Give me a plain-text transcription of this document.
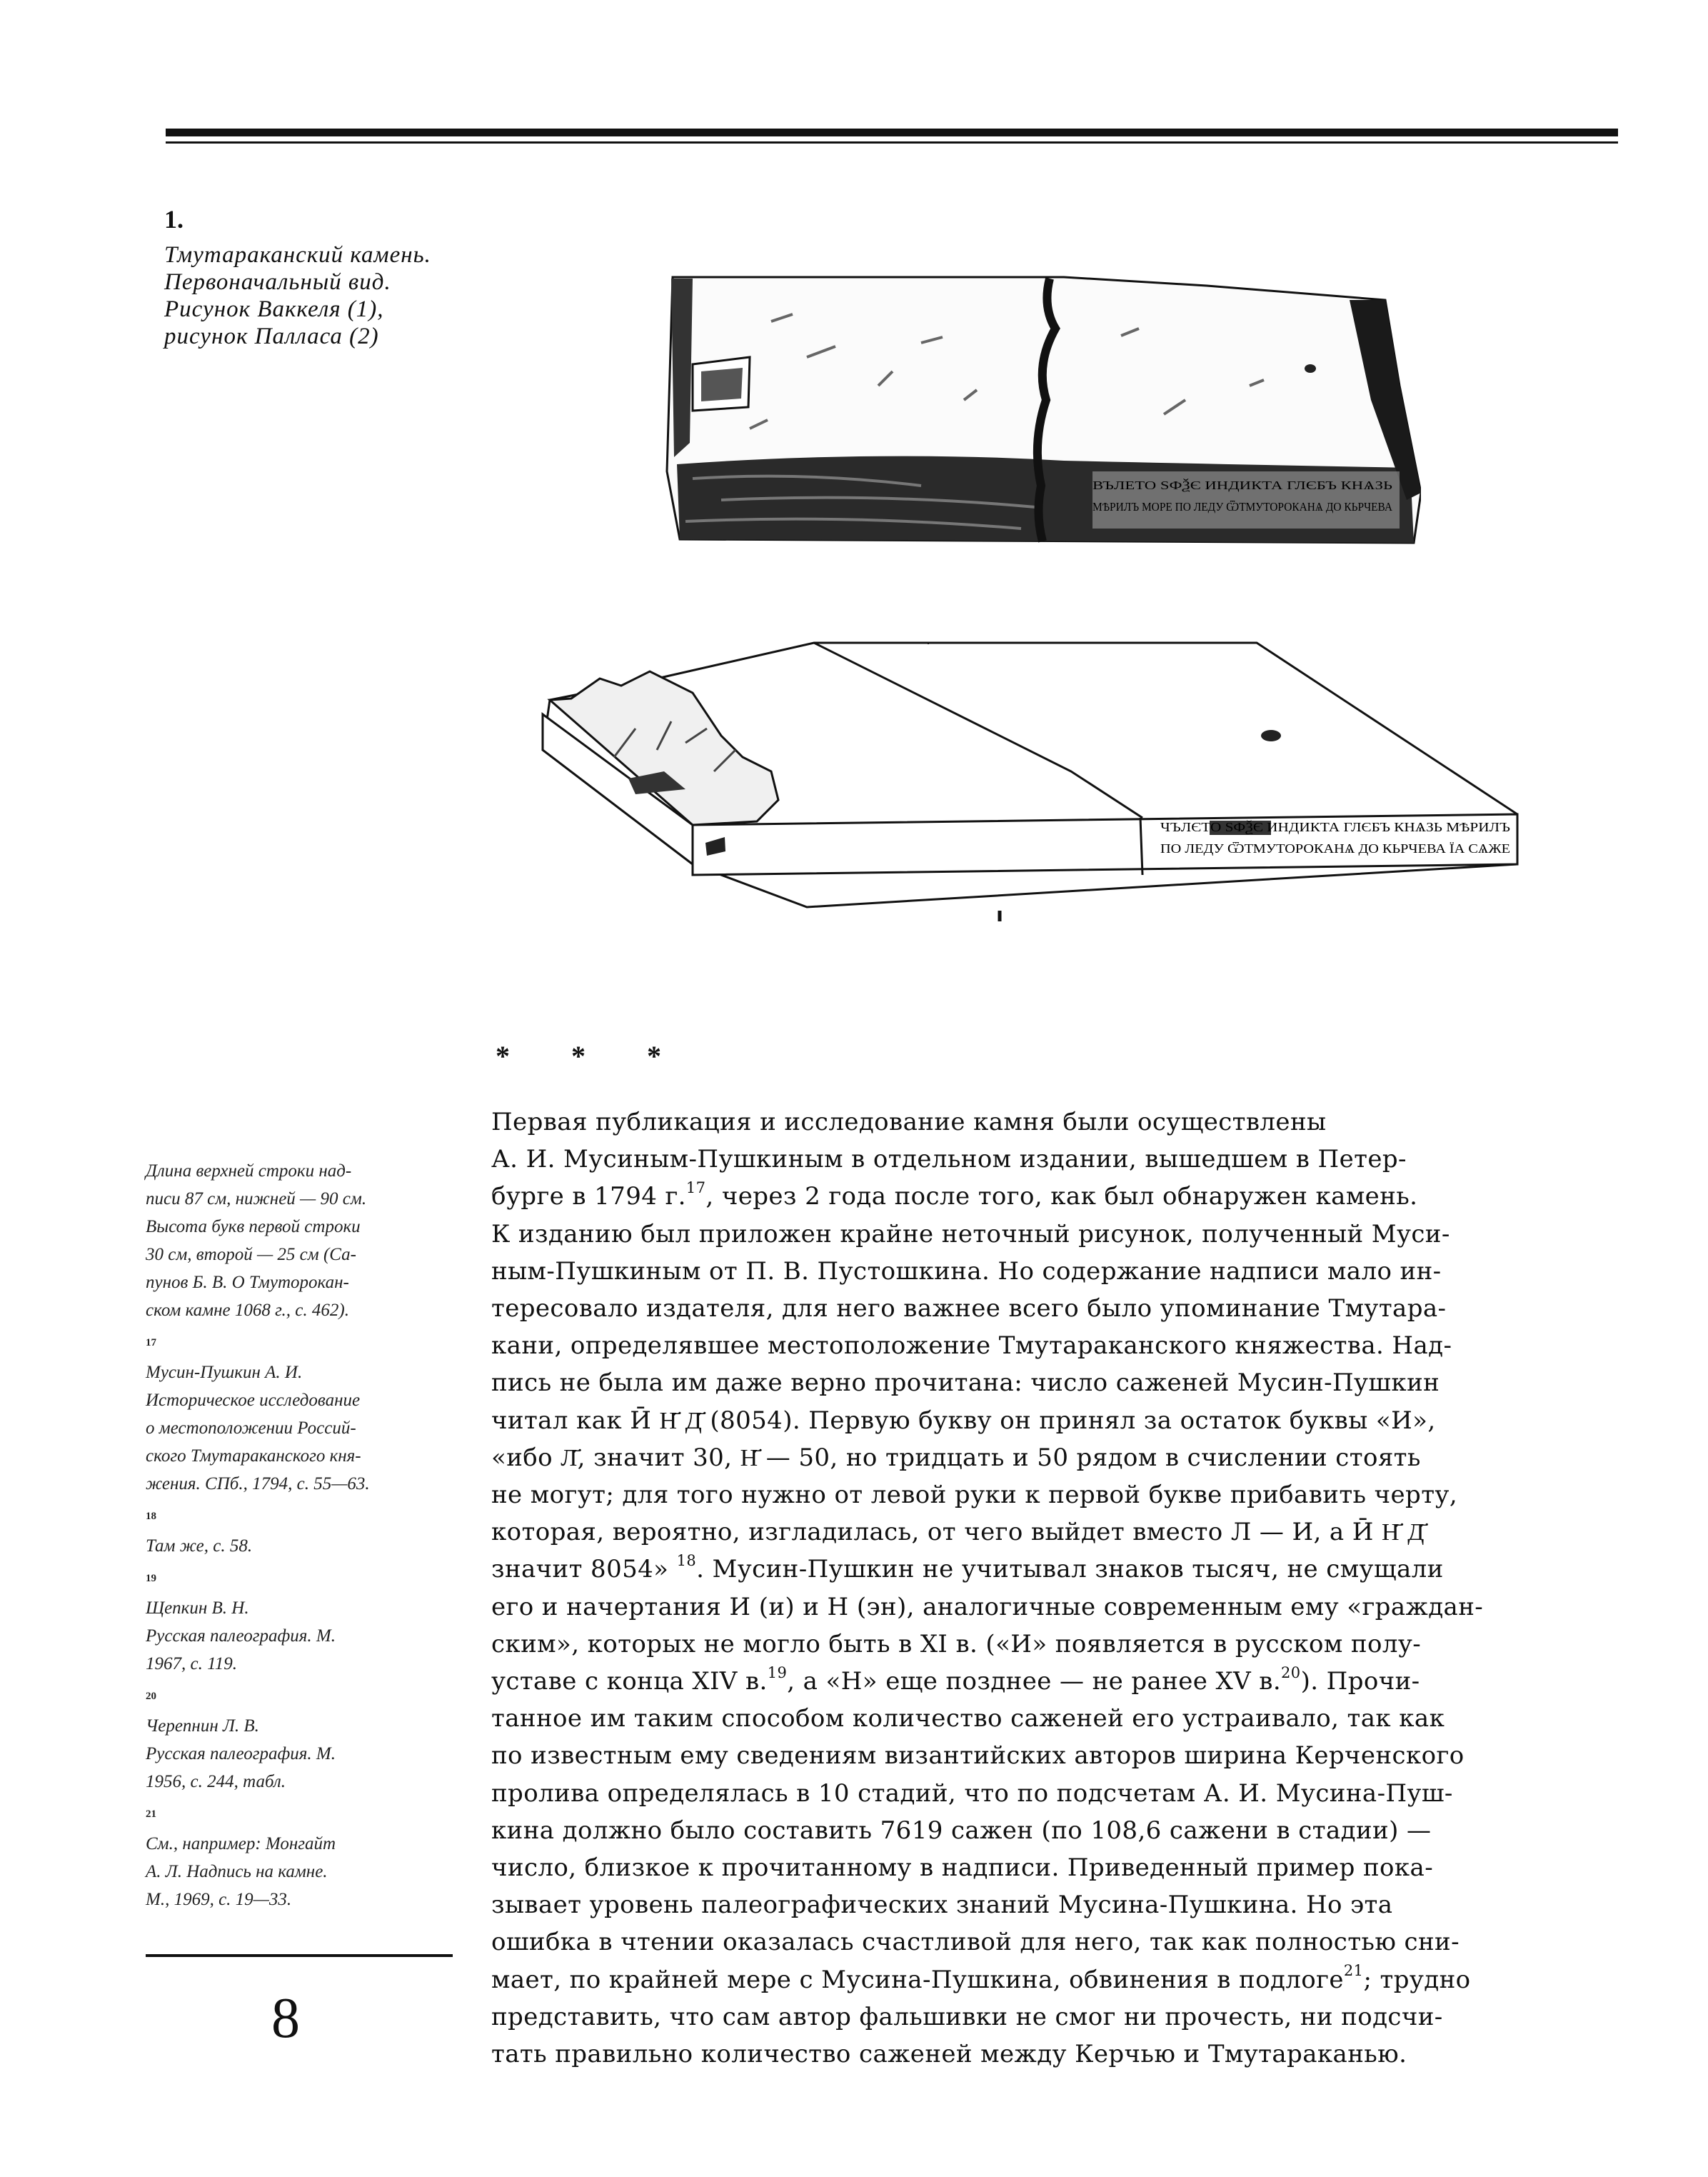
1.
Тмутараканский камень.
Первоначальный вид.
Рисунок Ваккеля (1),
рисунок Палласа (2)
ВЪЛЕТО ЅФѮЄ ИНДИКТА ГЛЄБЪ КНѦЗЬ
МѢРИЛЪ МОРЕ ПО ЛЕДУ ѾТМУТОРОКАНѦ ДО КЬРЧЕВА
ЧЪЛЄТО ЅФѮЄ ИНДИКТА ГЛЄБЪ КНѦЗЬ МѢРИЛЪ
ПО ЛЕДУ ѾТМУТОРОКАНѦ ДО КЬРЧЕВА ЇА СѦЖЕ
* * *
Длина верхней строки над-
писи 87 см, нижней — 90 см.
Высота букв первой строки
30 см, второй — 25 см (Са-
пунов Б. В. О Тмуторокан-
ском камне 1068 г., с. 462).
17
Мусин-Пушкин А. И.
Историческое исследование
о местоположении Россий-
ского Тмутараканского кня-
жения. СПб., 1794, с. 55—63.
18
Там же, с. 58.
19
Щепкин В. Н.
Русская палеография. М.
1967, с. 119.
20
Черепнин Л. В.
Русская палеография. М.
1956, с. 244, табл.
21
См., например: Монгайт
А. Л. Надпись на камне.
М., 1969, с. 19—33.
8
Первая публикация и исследование камня были осуществлены
А. И. Мусиным-Пушкиным в отдельном издании, вышедшем в Петер-
бурге в 1794 г.$^{17}$, через 2 года после того, как был обнаружен камень.
К изданию был приложен крайне неточный рисунок, полученный Муси-
ным-Пушкиным от П. В. Пустошкина. Но содержание надписи мало ин-
тересовало издателя, для него важнее всего было упоминание Тмутара-
кани, определявшее местоположение Тмутараканского княжества. Над-
пись не была им даже верно прочитана: число саженей Мусин-Пушкин
читал как Ӣ Н҃ Д҃ (8054). Первую букву он принял за остаток буквы «И»,
«ибо Л҃, значит 30, Н҃ — 50, но тридцать и 50 рядом в счислении стоять
не могут; для того нужно от левой руки к первой букве прибавить черту,
которая, вероятно, изгладилась, от чего выйдет вместо Л — И, а Ӣ Н҃ Д҃
значит 8054» $^{18}$. Мусин-Пушкин не учитывал знаков тысяч, не смущали
его и начертания И (и) и Н (эн), аналогичные современным ему «граждан-
ским», которых не могло быть в XI в. («И» появляется в русском полу-
уставе с конца XIV в.$^{19}$, а «Н» еще позднее — не ранее XV в.$^{20}$). Прочи-
танное им таким способом количество саженей его устраивало, так как
по известным ему сведениям византийских авторов ширина Керченского
пролива определялась в 10 стадий, что по подсчетам А. И. Мусина-Пуш-
кина должно было составить 7619 сажен (по 108,6 сажени в стадии) —
число, близкое к прочитанному в надписи. Приведенный пример пока-
зывает уровень палеографических знаний Мусина-Пушкина. Но эта
ошибка в чтении оказалась счастливой для него, так как полностью сни-
мает, по крайней мере с Мусина-Пушкина, обвинения в подлоге$^{21}$; трудно
представить, что сам автор фальшивки не смог ни прочесть, ни подсчи-
тать правильно количество саженей между Керчью и Тмутараканью.
